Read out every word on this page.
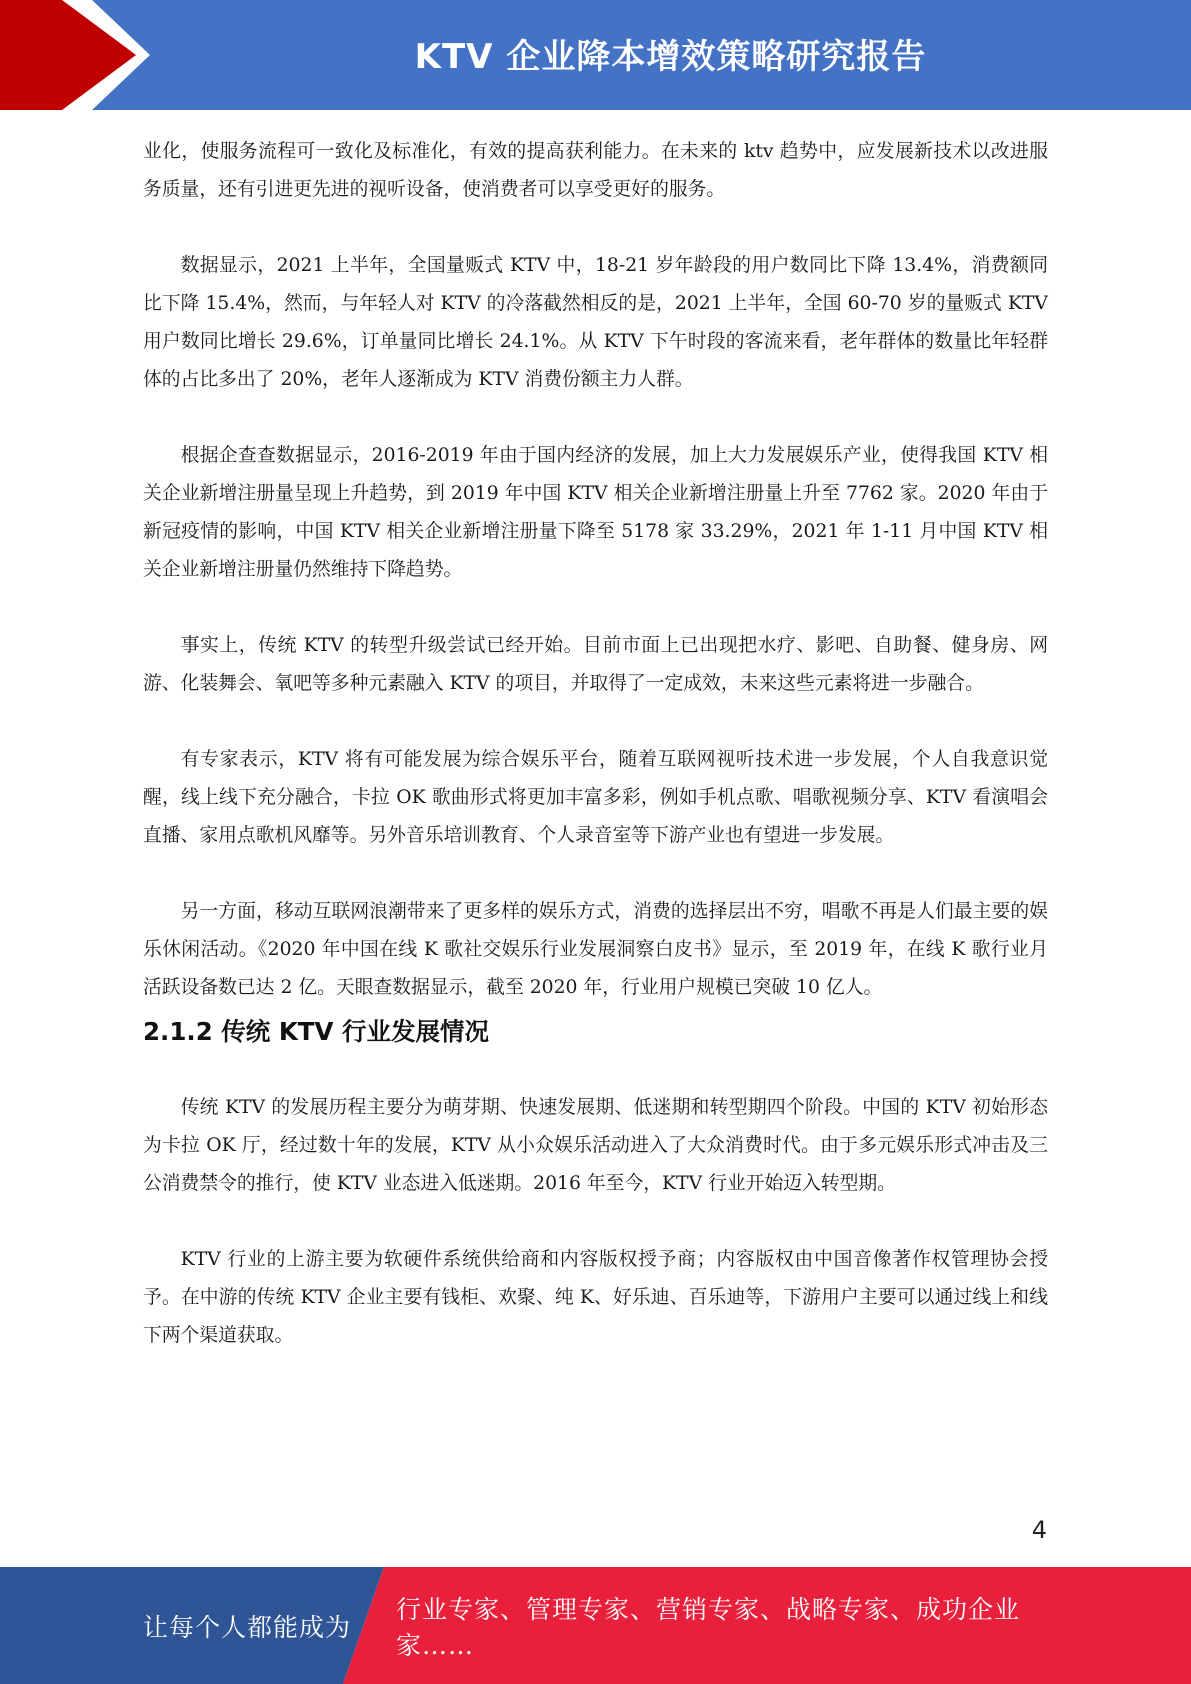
KTV 企业降本增效策略研究报告

业化，使服务流程可一致化及标准化，有效的提高获利能力。在未来的 ktv 趋势中，应发展新技术以改进服务质量，还有引进更先进的视听设备，使消费者可以享受更好的服务。

数据显示，2021 上半年，全国量贩式 KTV 中，18-21 岁年龄段的用户数同比下降 13.4%，消费额同比下降 15.4%，然而，与年轻人对 KTV 的冷落截然相反的是，2021 上半年，全国 60-70 岁的量贩式 KTV 用户数同比增长 29.6%，订单量同比增长 24.1%。从 KTV 下午时段的客流来看，老年群体的数量比年轻群体的占比多出了 20%，老年人逐渐成为 KTV 消费份额主力人群。

根据企查查数据显示，2016-2019 年由于国内经济的发展，加上大力发展娱乐产业，使得我国 KTV 相关企业新增注册量呈现上升趋势，到 2019 年中国 KTV 相关企业新增注册量上升至 7762 家。2020 年由于新冠疫情的影响，中国 KTV 相关企业新增注册量下降至 5178 家 33.29%，2021 年 1-11 月中国 KTV 相关企业新增注册量仍然维持下降趋势。

事实上，传统 KTV 的转型升级尝试已经开始。目前市面上已出现把水疗、影吧、自助餐、健身房、网游、化装舞会、氧吧等多种元素融入 KTV 的项目，并取得了一定成效，未来这些元素将进一步融合。

有专家表示，KTV 将有可能发展为综合娱乐平台，随着互联网视听技术进一步发展，个人自我意识觉醒，线上线下充分融合，卡拉 OK 歌曲形式将更加丰富多彩，例如手机点歌、唱歌视频分享、KTV 看演唱会直播、家用点歌机风靡等。另外音乐培训教育、个人录音室等下游产业也有望进一步发展。

另一方面，移动互联网浪潮带来了更多样的娱乐方式，消费的选择层出不穷，唱歌不再是人们最主要的娱乐休闲活动。《2020 年中国在线 K 歌社交娱乐行业发展洞察白皮书》显示，至 2019 年，在线 K 歌行业月活跃设备数已达 2 亿。天眼查数据显示，截至 2020 年，行业用户规模已突破 10 亿人。

2.1.2 传统 KTV 行业发展情况

传统 KTV 的发展历程主要分为萌芽期、快速发展期、低迷期和转型期四个阶段。中国的 KTV 初始形态为卡拉 OK 厅，经过数十年的发展，KTV 从小众娱乐活动进入了大众消费时代。由于多元娱乐形式冲击及三公消费禁令的推行，使 KTV 业态进入低迷期。2016 年至今，KTV 行业开始迈入转型期。

KTV 行业的上游主要为软硬件系统供给商和内容版权授予商；内容版权由中国音像著作权管理协会授予。在中游的传统 KTV 企业主要有钱柜、欢聚、纯 K、好乐迪、百乐迪等，下游用户主要可以通过线上和线下两个渠道获取。

4
让每个人都能成为
行业专家、管理专家、营销专家、战略专家、成功企业家……
